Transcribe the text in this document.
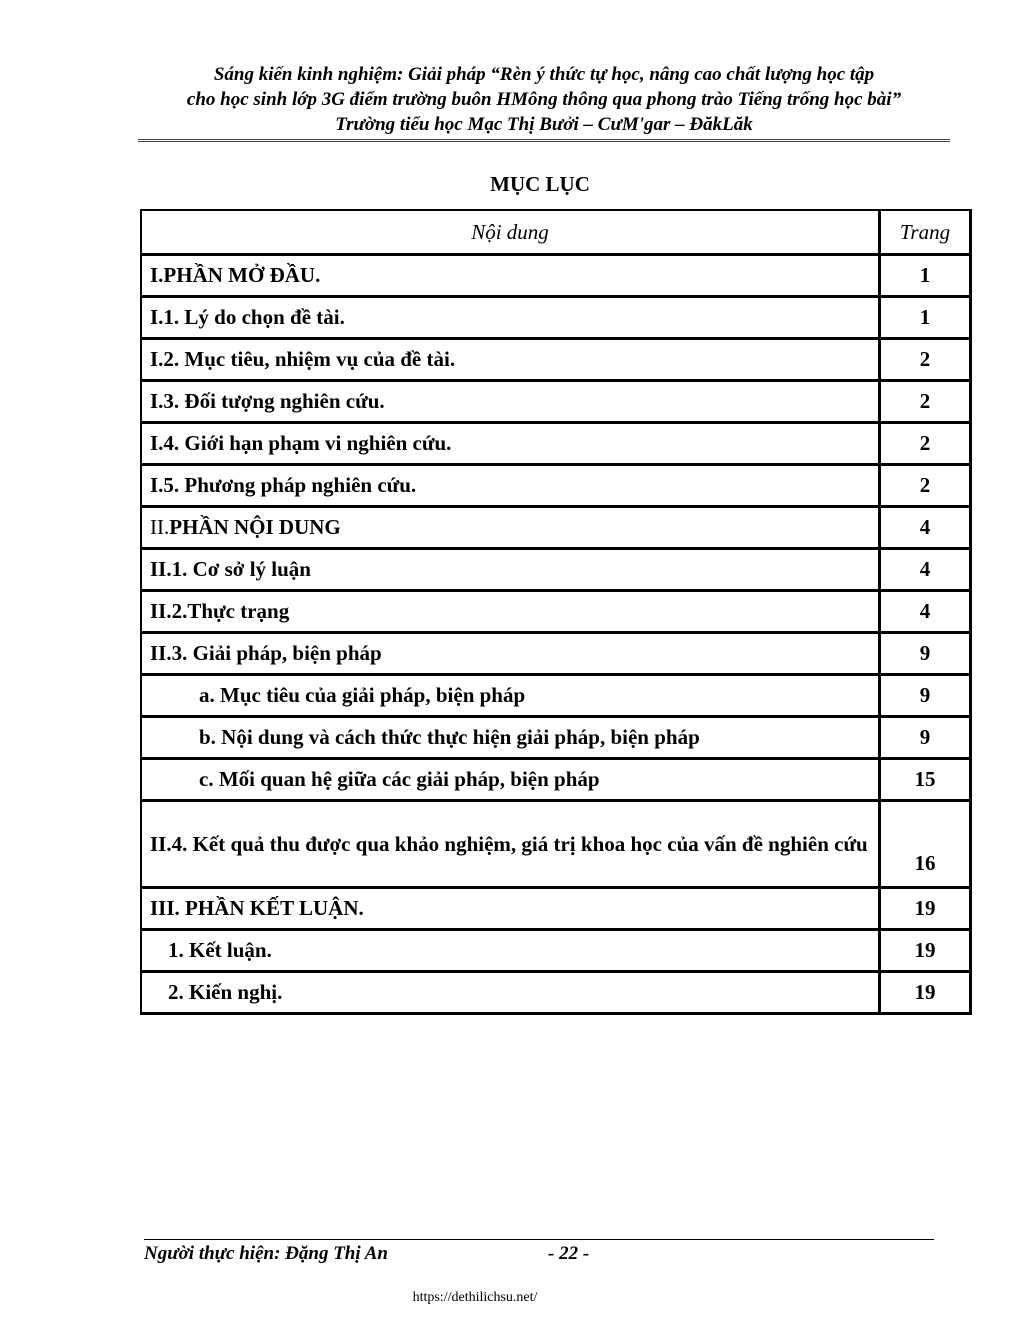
Sáng kiến kinh nghiệm: Giải pháp “Rèn ý thức tự học, nâng cao chất lượng học tập
cho học sinh lớp 3G điểm trường buôn HMông thông qua phong trào Tiếng trống học bài”
Trường tiểu học Mạc Thị Bưởi – CưM'gar – ĐăkLăk
MỤC LỤC
Nội dung	Trang
I.PHẦN MỞ ĐẦU.	1
I.1. Lý do chọn đề tài.	1
I.2. Mục tiêu, nhiệm vụ của đề tài.	2
I.3. Đối tượng nghiên cứu.	2
I.4. Giới hạn phạm vi nghiên cứu.	2
I.5. Phương pháp nghiên cứu.	2
II.PHẦN NỘI DUNG	4
II.1. Cơ sở lý luận	4
II.2.Thực trạng	4
II.3. Giải pháp, biện pháp	9
a. Mục tiêu của giải pháp, biện pháp	9
b. Nội dung và cách thức thực hiện giải pháp, biện pháp	9
c. Mối quan hệ giữa các giải pháp, biện pháp	15
II.4. Kết quả thu được qua khảo nghiệm, giá trị khoa học của vấn đề nghiên cứu	16
III. PHẦN KẾT LUẬN.	19
1. Kết luận.	19
2. Kiến nghị.	19
Người thực hiện: Đặng Thị An	- 22 -
https://dethilichsu.net/
